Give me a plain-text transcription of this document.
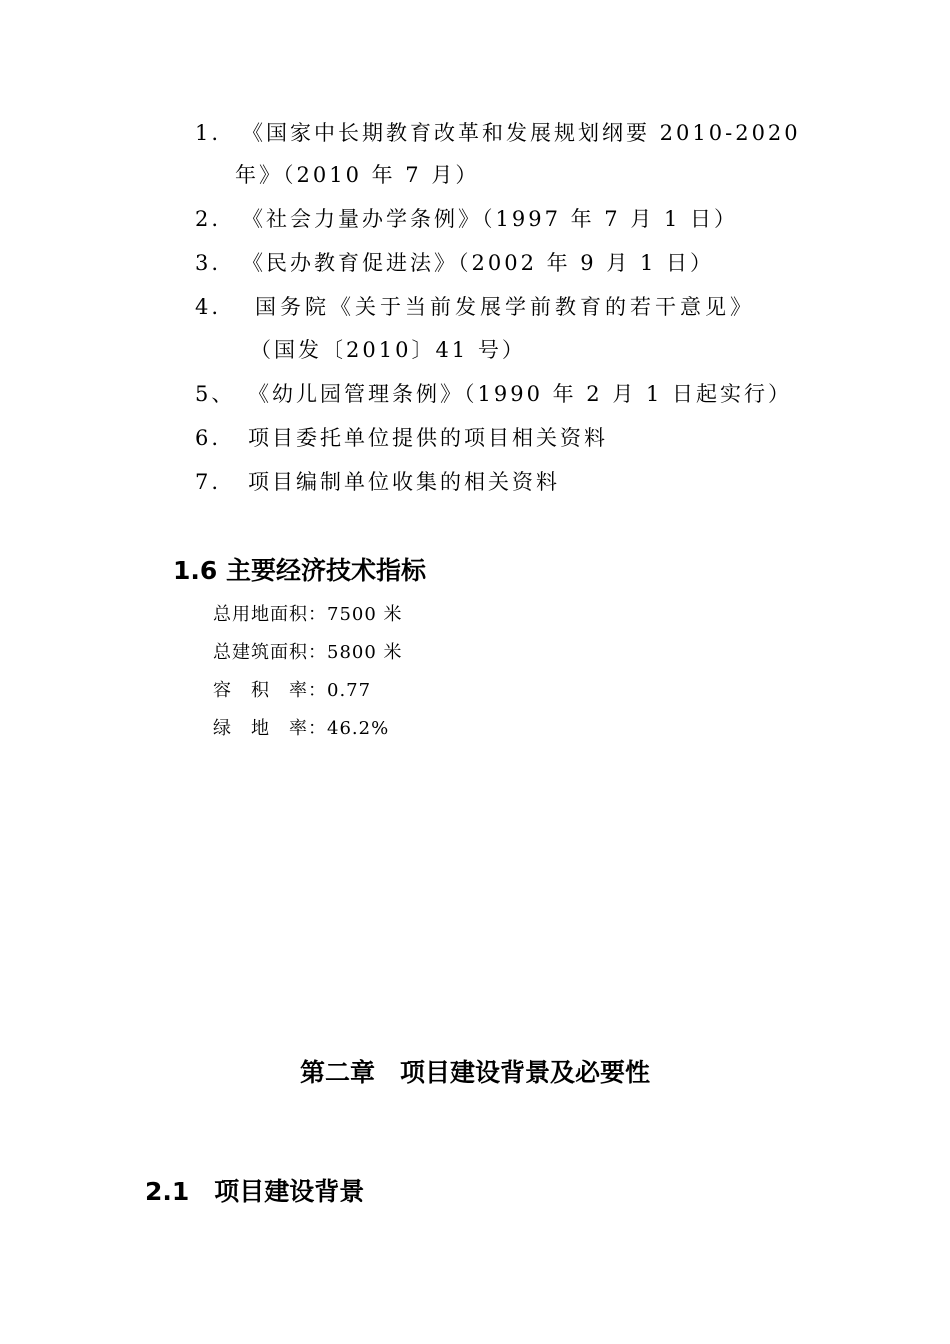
1. 《国家中长期教育改革和发展规划纲要 2010-2020
年》（2010 年 7 月）
2. 《社会力量办学条例》（1997 年 7 月 1 日）
3. 《民办教育促进法》（2002 年 9 月 1 日）
4. 国务院《关于当前发展学前教育的若干意见》
（国发〔2010〕41 号）
5、 《幼儿园管理条例》（1990 年 2 月 1 日起实行）
6. 项目委托单位提供的项目相关资料
7. 项目编制单位收集的相关资料
1.6 主要经济技术指标
总用地面积：7500 米
总建筑面积：5800 米
容　积　率：0.77
绿　地　率：46.2%
第二章　项目建设背景及必要性
2.1　项目建设背景
